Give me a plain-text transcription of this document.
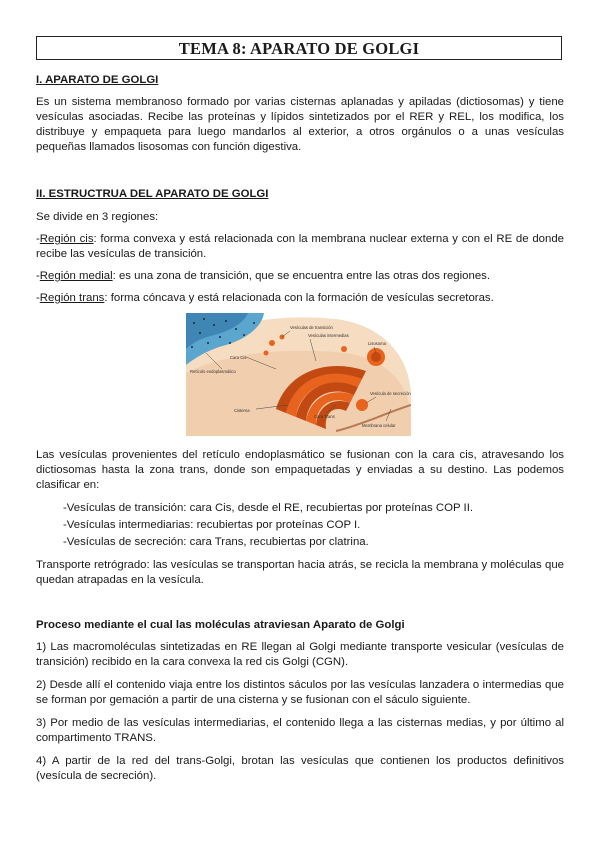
TEMA 8: APARATO DE GOLGI

I. APARATO DE GOLGI

Es un sistema membranoso formado por varias cisternas aplanadas y apiladas (dictiosomas) y tiene vesículas asociadas. Recibe las proteínas y lípidos sintetizados por el RER y REL, los modifica, los distribuye y empaqueta para luego mandarlos al exterior, a otros orgánulos o a unas vesículas pequeñas llamados lisosomas con función digestiva.

II. ESTRUCTRUA DEL APARATO DE GOLGI

Se divide en 3 regiones:

-Región cis: forma convexa y está relacionada con la membrana nuclear externa y con el RE de donde recibe las vesículas de transición.

-Región medial: es una zona de transición, que se encuentra entre las otras dos regiones.

-Región trans: forma cóncava y está relacionada con la formación de vesículas secretoras.

Vesículas de transición
Vesículas intermedias
Lisosoma
Cara Cis
Retículo endoplasmático
Cisterna
Cara Trans
Vesícula de secreción
Membrana celular

Las vesículas provenientes del retículo endoplasmático se fusionan con la cara cis, atravesando los dictiosomas hasta la zona trans, donde son empaquetadas y enviadas a su destino. Las podemos clasificar en:

-Vesículas de transición: cara Cis, desde el RE, recubiertas por proteínas COP II.

-Vesículas intermediarias: recubiertas por proteínas COP I.

-Vesículas de secreción: cara Trans, recubiertas por clatrina.

Transporte retrógrado: las vesículas se transportan hacia atrás, se recicla la membrana y moléculas que quedan atrapadas en la vesícula.

Proceso mediante el cual las moléculas atraviesan Aparato de Golgi

1) Las macromoléculas sintetizadas en RE llegan al Golgi mediante transporte vesicular (vesículas de transición) recibido en la cara convexa la red cis Golgi (CGN).

2) Desde allí el contenido viaja entre los distintos sáculos por las vesículas lanzadera o intermedias que se forman por gemación a partir de una cisterna y se fusionan con el sáculo siguiente.

3) Por medio de las vesículas intermediarias, el contenido llega a las cisternas medias, y por último al compartimento TRANS.

4) A partir de la red del trans-Golgi, brotan las vesículas que contienen los productos definitivos (vesícula de secreción).
